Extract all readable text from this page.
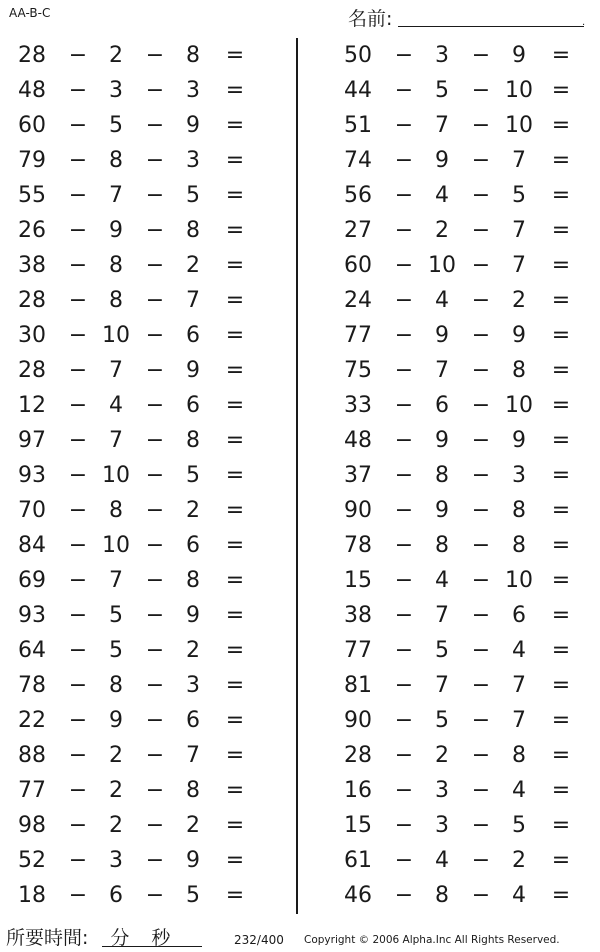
AA-B-C	名前:	.
28 − 2	− 8	=
48 − 3	− 3	=
60 − 5	− 9	=
79 − 8	− 3	=
55 − 7	− 5	=
26 − 9	− 8	=
38 − 8	− 2	=
28 − 8	− 7	=
30 − 10 − 6	=
28 − 7	− 9	=
12 − 4	− 6	=
97 − 7	− 8	=
93 − 10 − 5	=
70 − 8	− 2	=
84 − 10 − 6	=
69 − 7	− 8	=
93 − 5	− 9	=
64 − 5	− 2	=
78 − 8	− 3	=
22 − 9	− 6	=
88 − 2	− 7	=
77 − 2	− 8	=
98 − 2	− 2	=
52 − 3	− 9	=
18 − 6	− 5	=
50 − 3	− 9	=
44 − 5	− 10 =
51 − 7	− 10 =
74 − 9	− 7	=
56 − 4	− 5	=
27 − 2	− 7	=
60 − 10 − 7	=
24 − 4	− 2	=
77 − 9	− 9	=
75 − 7	− 8	=
33 − 6	− 10 =
48 − 9	− 9	=
37 − 8	− 3	=
90 − 9	− 8	=
78 − 8	− 8	=
15 − 4	− 10 =
38 − 7	− 6	=
77 − 5	− 4	=
81 − 7	− 7	=
90 − 5	− 7	=
28 − 2	− 8	=
16 − 3	− 4	=
15 − 3	− 5	=
61 − 4	− 2	=
46 − 8	− 4	=
所要時間: 分 秒	232/400 Copyright © 2006 Alpha.Inc All Rights Reserved.
